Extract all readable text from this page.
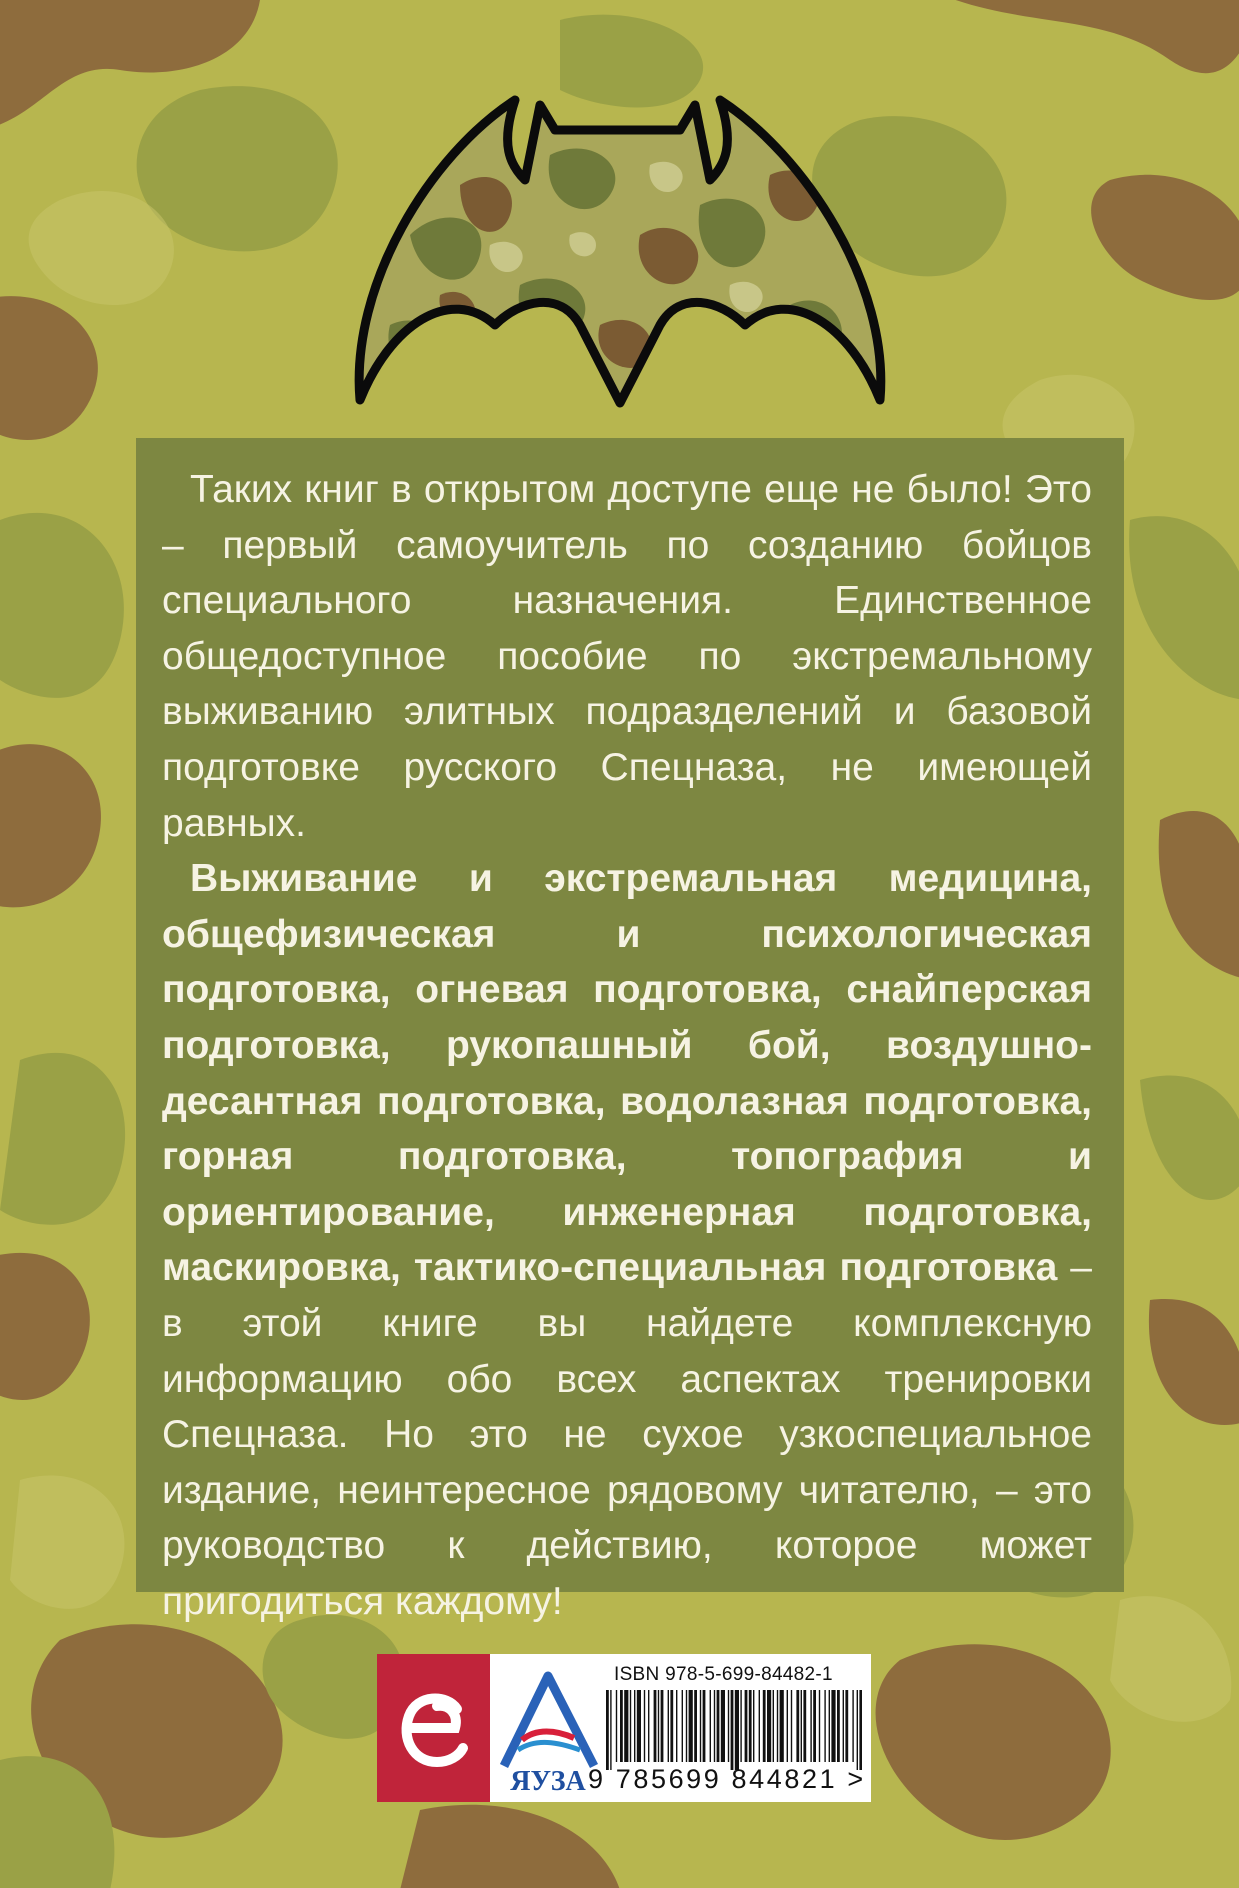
Таких книг в открытом доступе еще не было! Это – первый самоучитель по созданию бойцов специального назначения. Единственное общедоступное пособие по экстремальному выживанию элитных подразделений и базовой подготовке русского Спецназа, не имеющей равных.

Выживание и экстремальная медицина, общефизическая и психологическая подготовка, огневая подготовка, снайперская подготовка, рукопашный бой, воздушно-десантная подготовка, водолазная подготовка, горная подготовка, топография и ориентирование, инженерная подготовка, маскировка, тактико-специальная подготовка – в этой книге вы найдете комплексную информацию обо всех аспектах тренировки Спецназа. Но это не сухое узкоспециальное издание, неинтересное рядовому читателю, – это руководство к действию, которое может пригодиться каждому!

ЯУЗА
ISBN 978-5-699-84482-1
9 785699 844821 >
